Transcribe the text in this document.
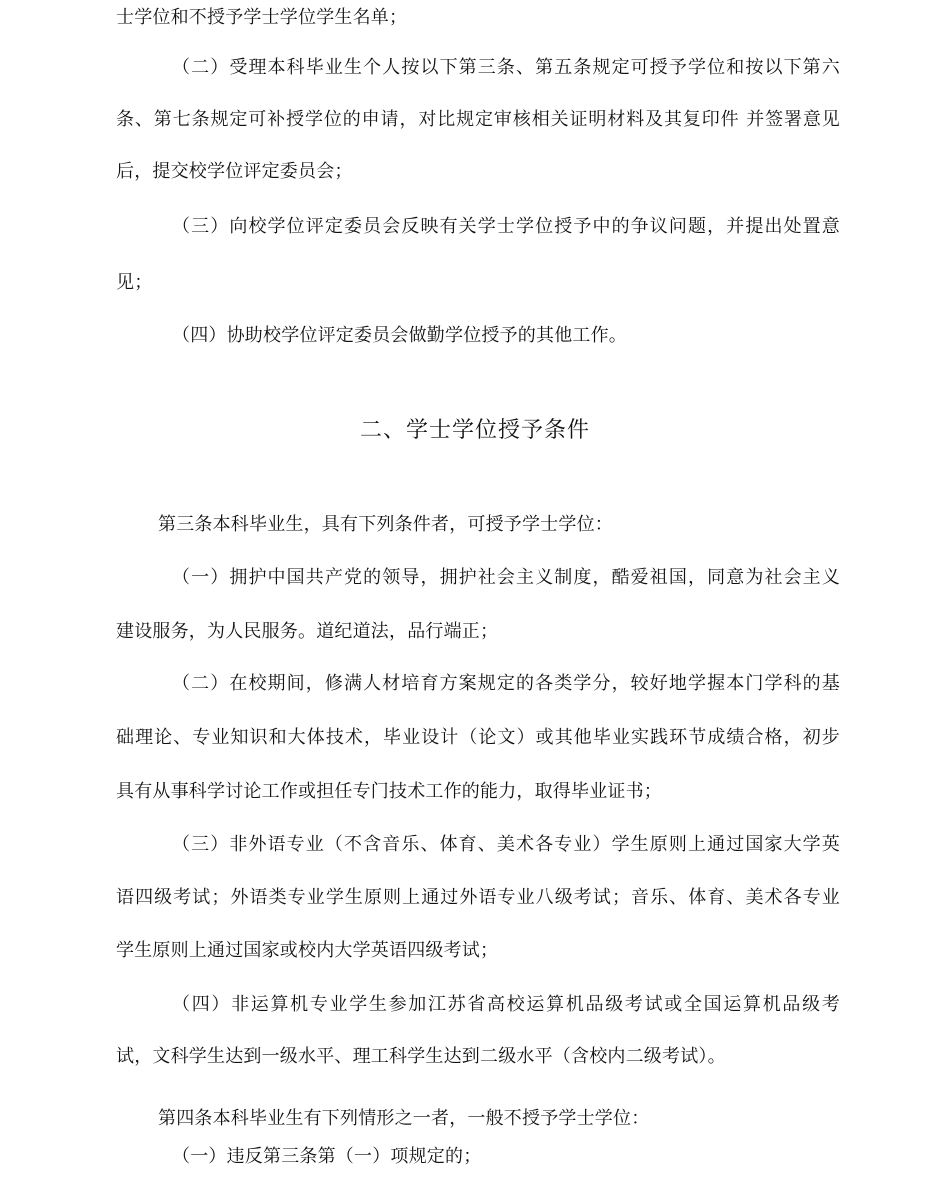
士学位和不授予学士学位学生名单；
（二）受理本科毕业生个人按以下第三条、第五条规定可授予学位和按以下第六
条、第七条规定可补授学位的申请，对比规定审核相关证明材料及其复印件 并签署意见
后，提交校学位评定委员会；
（三）向校学位评定委员会反映有关学士学位授予中的争议问题，并提出处置意
见；
（四）协助校学位评定委员会做勤学位授予的其他工作。
二、学士学位授予条件
第三条本科毕业生，具有下列条件者，可授予学士学位：
（一）拥护中国共产党的领导，拥护社会主义制度，酷爱祖国，同意为社会主义
建设服务，为人民服务。道纪道法，品行端正；
（二）在校期间，修满人材培育方案规定的各类学分，较好地学握本门学科的基
础理论、专业知识和大体技术，毕业设计（论文）或其他毕业实践环节成绩合格，初步
具有从事科学讨论工作或担任专门技术工作的能力，取得毕业证书；
（三）非外语专业（不含音乐、体育、美术各专业）学生原则上通过国家大学英
语四级考试；外语类专业学生原则上通过外语专业八级考试；音乐、体育、美术各专业
学生原则上通过国家或校内大学英语四级考试；
（四）非运算机专业学生参加江苏省高校运算机品级考试或全国运算机品级考
试，文科学生达到一级水平、理工科学生达到二级水平（含校内二级考试）。
第四条本科毕业生有下列情形之一者，一般不授予学士学位：
（一）违反第三条第（一）项规定的；
